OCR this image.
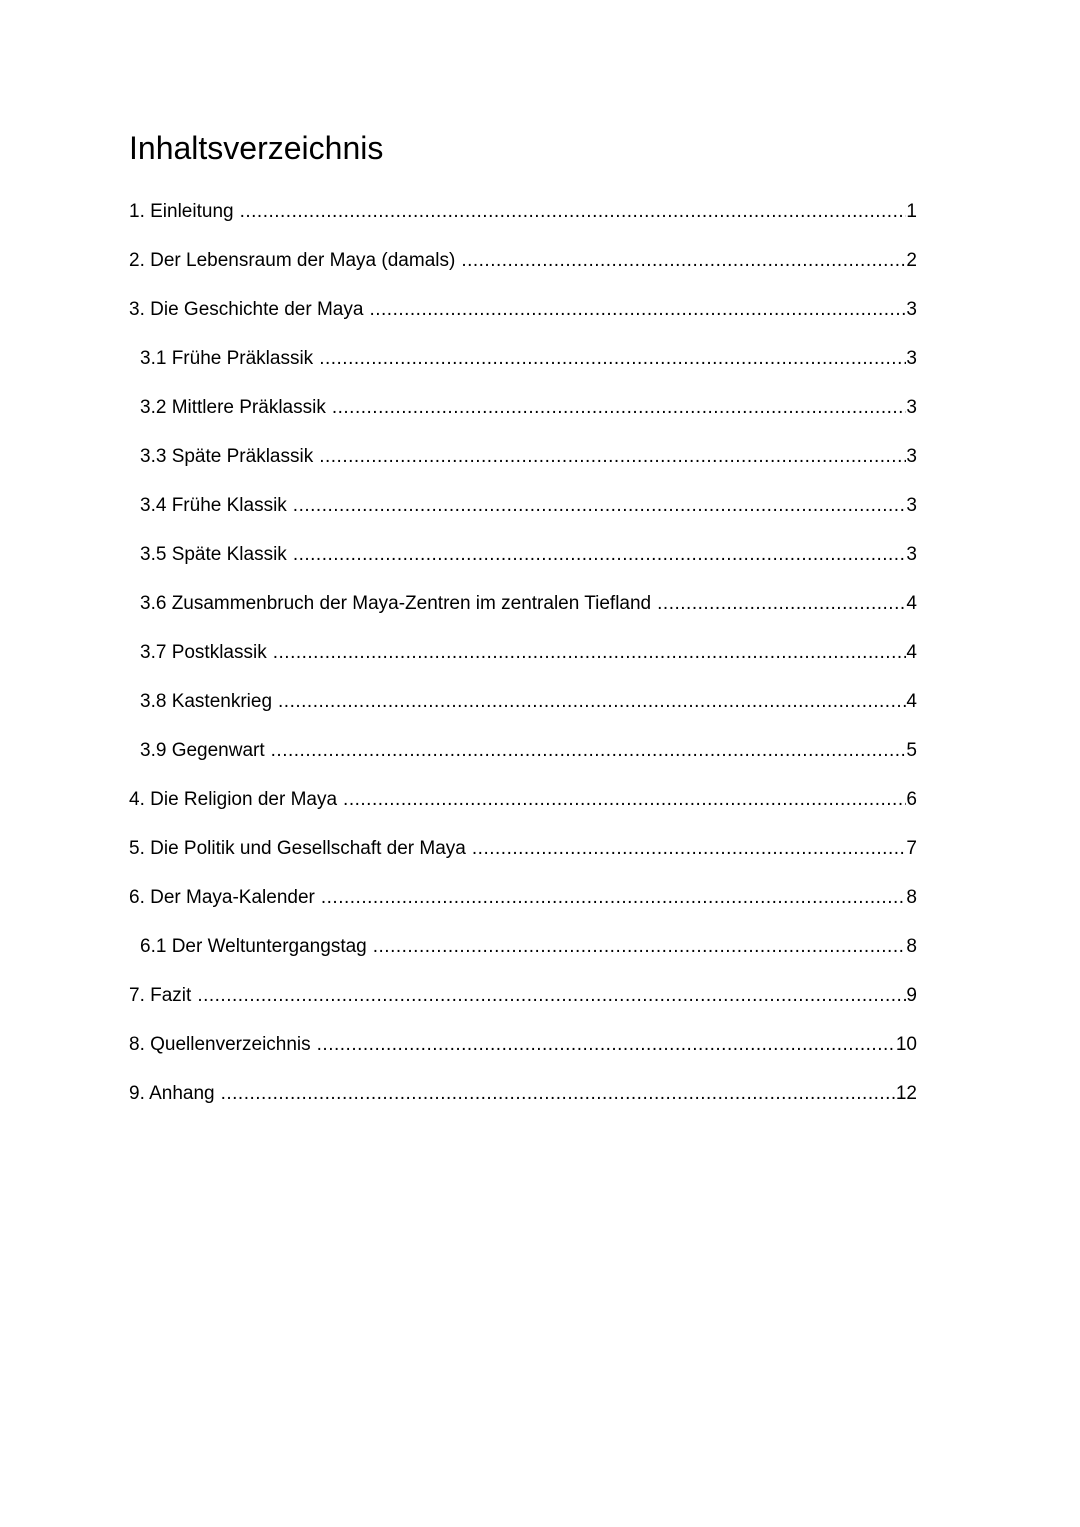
Inhaltsverzeichnis
1. Einleitung .....	1
2. Der Lebensraum der Maya (damals) .....	2
3. Die Geschichte der Maya .....	3
3.1 Frühe Präklassik .....	3
3.2 Mittlere Präklassik .....	3
3.3 Späte Präklassik .....	3
3.4 Frühe Klassik .....	3
3.5 Späte Klassik .....	3
3.6 Zusammenbruch der Maya-Zentren im zentralen Tiefland .....	4
3.7 Postklassik .....	4
3.8 Kastenkrieg .....	4
3.9 Gegenwart .....	5
4. Die Religion der Maya .....	6
5. Die Politik und Gesellschaft der Maya .....	7
6. Der Maya-Kalender .....	8
6.1 Der Weltuntergangstag .....	8
7. Fazit .....	9
8. Quellenverzeichnis .....	10
9. Anhang .....	12
